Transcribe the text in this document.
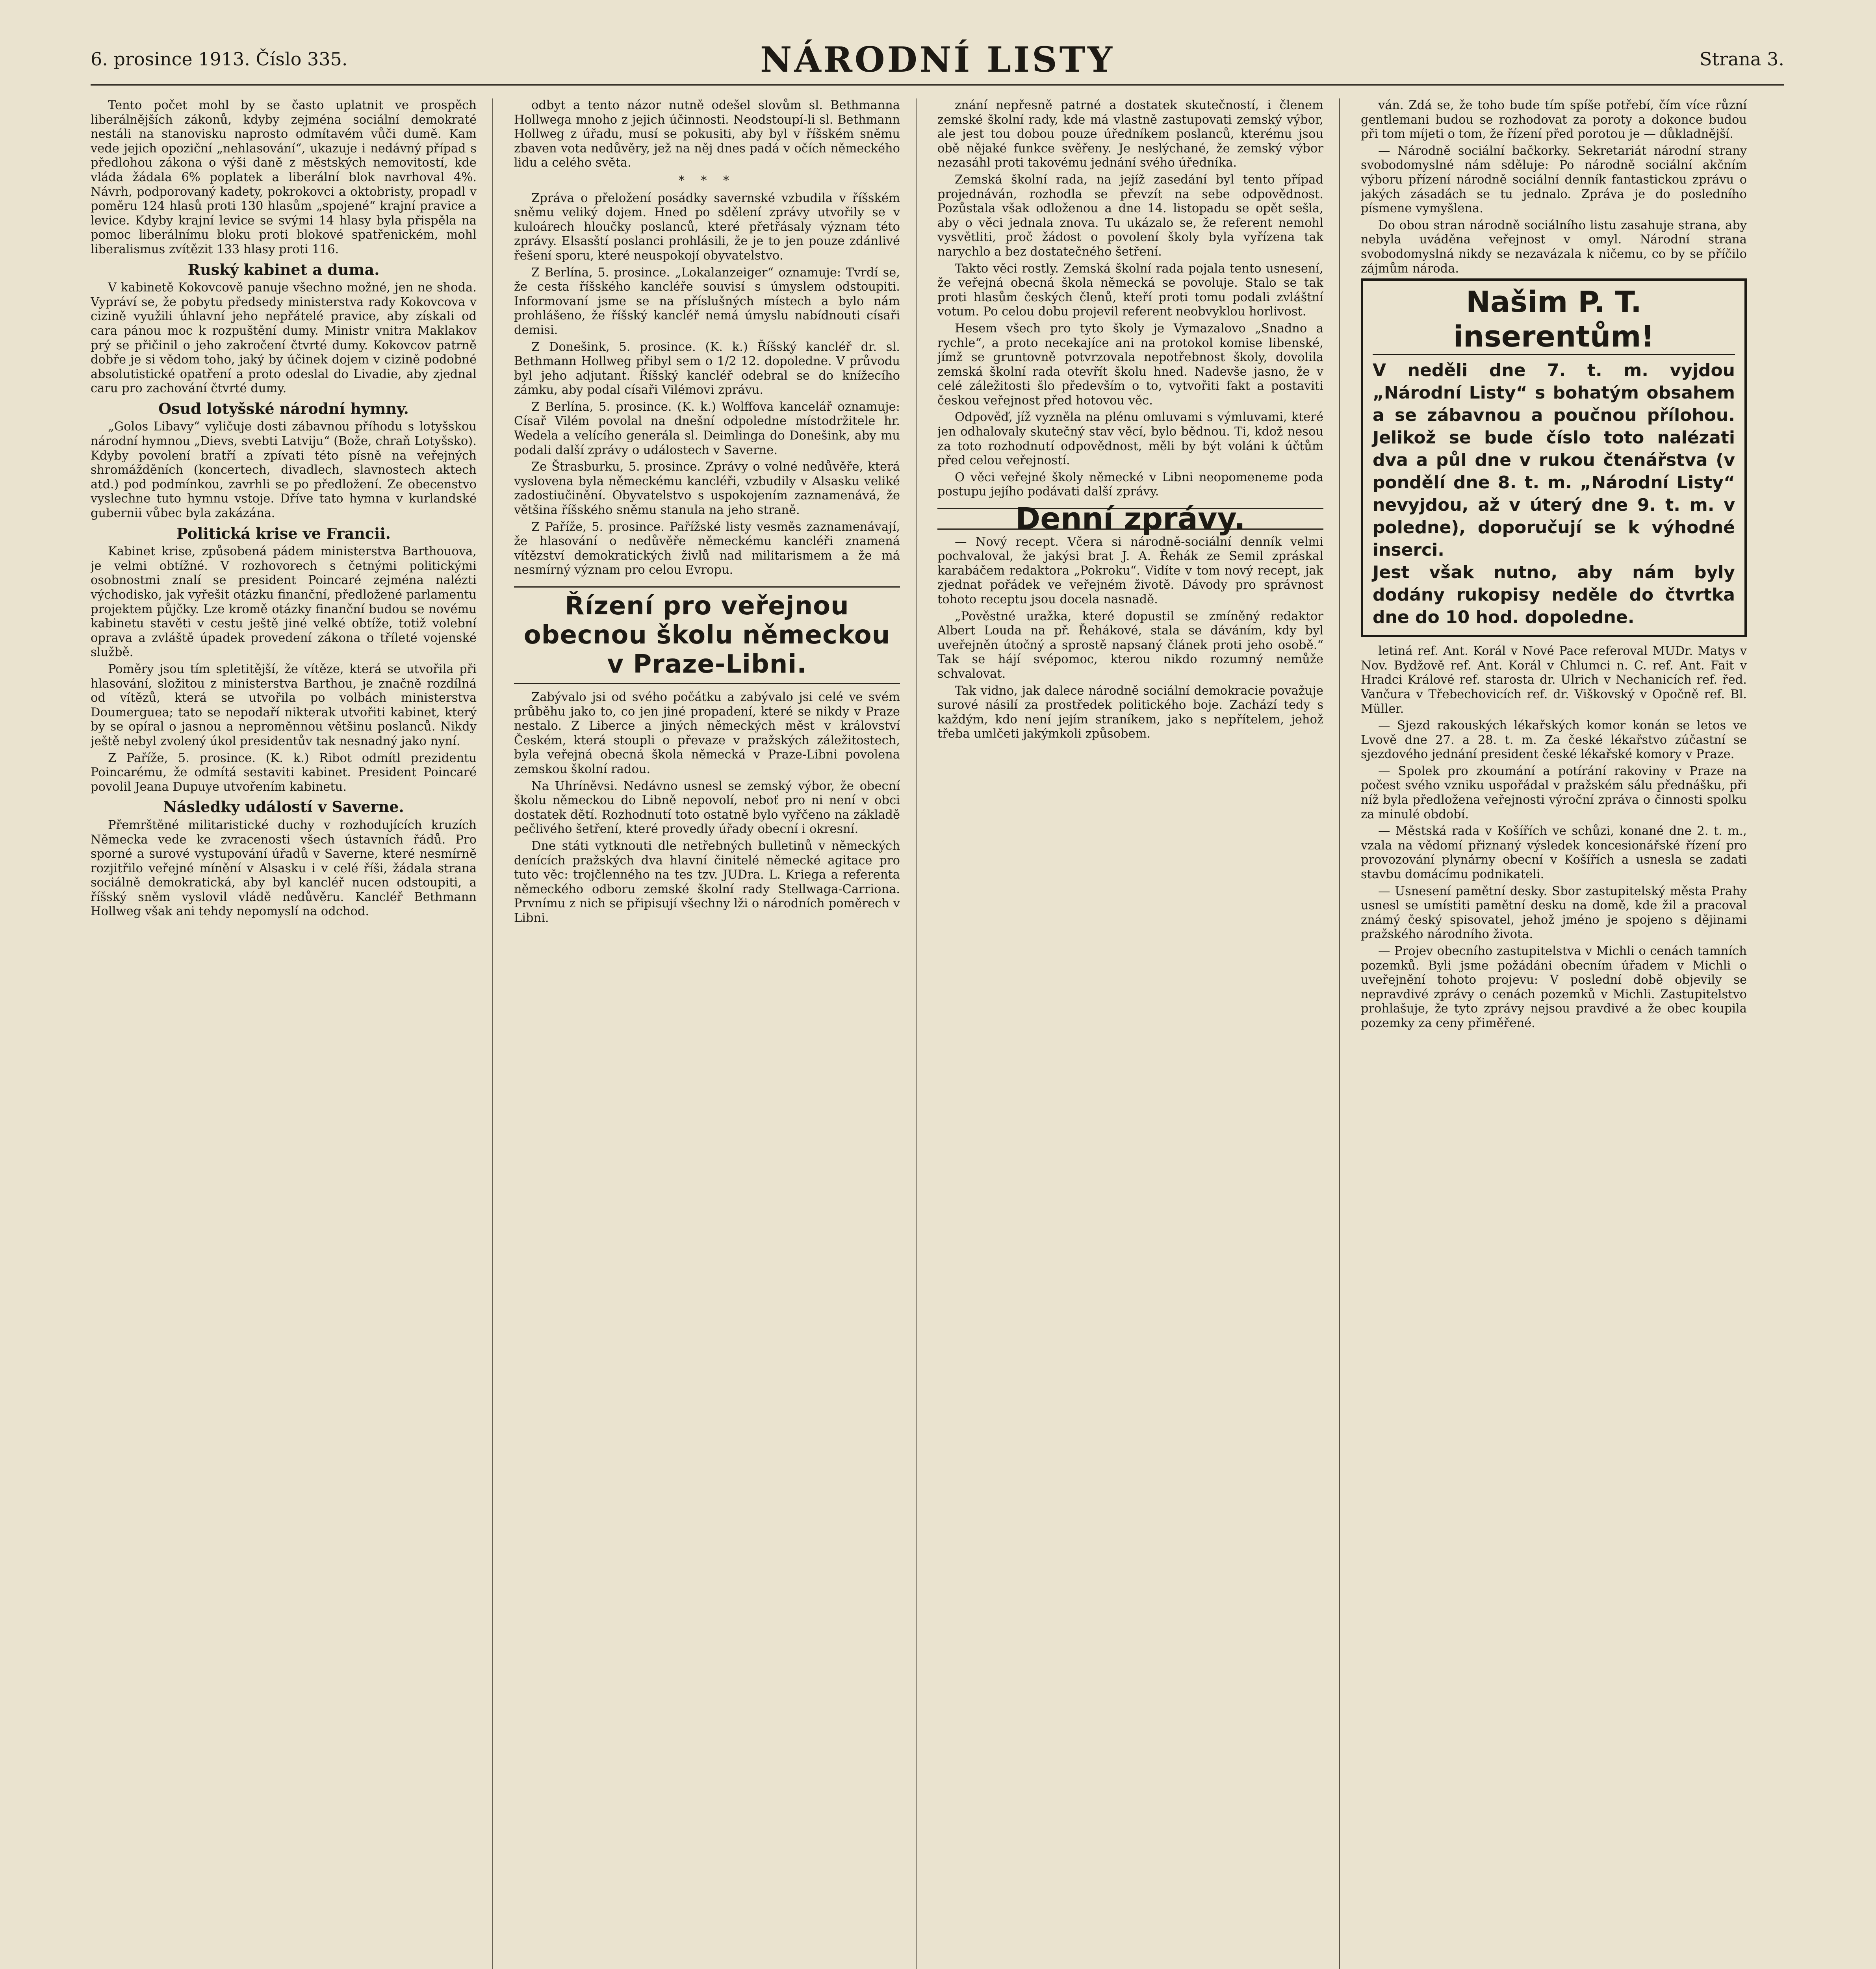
6. prosince 1913. Číslo 335.	NÁRODNÍ LISTY	Strana 3.

Tento počet mohl by se často uplatnit ve prospěch liberálnějších zákonů, kdyby zejména sociální demokraté nestáli na stanovisku naprosto odmítavém vůči dumě. Kam vede jejich opoziční „nehlasování“, ukazuje i nedávný případ s předlohou zákona o výši daně z městských nemovitostí, kde vláda žádala 6% poplatek a liberální blok navrhoval 4%. Návrh, podporovaný kadety, pokrokovci a oktobristy, propadl v poměru 124 hlasů proti 130 hlasům „spojené“ krajní pravice a levice. Kdyby krajní levice se svými 14 hlasy byla přispěla na pomoc liberálnímu bloku proti blokové spatřenickém, mohl liberalismus zvítězit 133 hlasy proti 116.

Ruský kabinet a duma.

V kabinetě Kokovcově panuje všechno možné, jen ne shoda. Vypráví se, že pobytu předsedy ministerstva rady Kokovcova v cizině využili úhlavní jeho nepřátelé pravice, aby získali od cara pánou moc k rozpuštění dumy. Ministr vnitra Maklakov prý se přičinil o jeho zakročení čtvrté dumy. Kokovcov patrně dobře je si vědom toho, jaký by účinek dojem v cizině podobné absolutistické opatření a proto odeslal do Livadie, aby zjednal caru pro zachování čtvrté dumy.

Osud lotyšské národní hymny.

„Golos Libavy“ vyličuje dosti zábavnou příhodu s lotyšskou národní hymnou „Dievs, svebti Latviju“ (Bože, chraň Lotyšsko). Kdyby povolení bratří a zpívati této písně na veřejných shromážděních (koncertech, divadlech, slavnostech aktech atd.) pod podmínkou, zavrhli se po předložení. Ze obecenstvo vyslechne tuto hymnu vstoje. Dříve tato hymna v kurlandské gubernii vůbec byla zakázána.

Politická krise ve Francii.

Kabinet krise, způsobená pádem ministerstva Barthouova, je velmi obtížné. V rozhovorech s četnými politickými osobnostmi znalí se president Poincaré zejména nalézti východisko, jak vyřešit otázku finanční, předložené parlamentu projektem půjčky. Lze kromě otázky finanční budou se novému kabinetu stavěti v cestu ještě jiné velké obtíže, totiž volební oprava a zvláště úpadek provedení zákona o tříleté vojenské službě.

Poměry jsou tím spletitější, že vítěze, která se utvořila při hlasování, složitou z ministerstva Barthou, je značně rozdílná od vítězů, která se utvořila po volbách ministerstva Doumerguea; tato se nepodaří nikterak utvořiti kabinet, který by se opíral o jasnou a neproměnnou většinu poslanců. Nikdy ještě nebyl zvolený úkol presidentův tak nesnadný jako nyní.

Z Paříže, 5. prosince. (K. k.) Ribot odmítl prezidentu Poincarému, že odmítá sestaviti kabinet. President Poincaré povolil Jeana Dupuye utvořením kabinetu.

Následky událostí v Saverne.

Přemrštěné militaristické duchy v rozhodujících kruzích Německa vede ke zvracenosti všech ústavních řádů. Pro sporné a surové vystupování úřadů v Saverne, které nesmírně rozjitřilo veřejné mínění v Alsasku i v celé říši, žádala strana sociálně demokratická, aby byl kancléř nucen odstoupiti, a říšský sněm vyslovil vládě nedůvěru. Kancléř Bethmann Hollweg však ani tehdy nepomyslí na odchod.

odbyt a tento názor nutně odešel slovům sl. Bethmanna Hollwega mnoho z jejich účinnosti. Neodstoupí-li sl. Bethmann Hollweg z úřadu, musí se pokusiti, aby byl v říšském sněmu zbaven vota nedůvěry, jež na něj dnes padá v očích německého lidu a celého světa.

* * *

Zpráva o přeložení posádky savernské vzbudila v říšském sněmu veliký dojem. Hned po sdělení zprávy utvořily se v kuloárech hloučky poslanců, které přetřásaly význam této zprávy. Elsasští poslanci prohlásili, že je to jen pouze zdánlivé řešení sporu, které neuspokojí obyvatelstvo.

Z Berlína, 5. prosince. „Lokalanzeiger“ oznamuje: Tvrdí se, že cesta říšského kancléře souvisí s úmyslem odstoupiti. Informovaní jsme se na příslušných místech a bylo nám prohlášeno, že říšský kancléř nemá úmyslu nabídnouti císaři demisi.

Z Donešink, 5. prosince. (K. k.) Říšský kancléř dr. sl. Bethmann Hollweg přibyl sem o 1/2 12. dopoledne. V průvodu byl jeho adjutant. Říšský kancléř odebral se do knížecího zámku, aby podal císaři Vilémovi zprávu.

Z Berlína, 5. prosince. (K. k.) Wolffova kancelář oznamuje: Císař Vilém povolal na dnešní odpoledne místodržitele hr. Wedela a velícího generála sl. Deimlinga do Donešink, aby mu podali další zprávy o událostech v Saverne.

Ze Štrasburku, 5. prosince. Zprávy o volné nedůvěře, která vyslovena byla německému kancléři, vzbudily v Alsasku veliké zadostiučinění. Obyvatelstvo s uspokojením zaznamenává, že většina říšského sněmu stanula na jeho straně.

Z Paříže, 5. prosince. Pařížské listy vesměs zaznamenávají, že hlasování o nedůvěře německému kancléři znamená vítězství demokratických živlů nad militarismem a že má nesmírný význam pro celou Evropu.

Řízení pro veřejnou obecnou školu německou v Praze-Libni.

Zabývalo jsi od svého počátku a zabývalo jsi celé ve svém průběhu jako to, co jen jiné propadení, které se nikdy v Praze nestalo. Z Liberce a jiných německých měst v království Českém, která stoupli o převaze v pražských záležitostech, byla veřejná obecná škola německá v Praze-Libni povolena zemskou školní radou.

Na Uhríněvsi. Nedávno usnesl se zemský výbor, že obecní školu německou do Libně nepovolí, neboť pro ni není v obci dostatek dětí. Rozhodnutí toto ostatně bylo vyřčeno na základě pečlivého šetření, které provedly úřady obecní i okresní.

Dne státi vytknouti dle netřebných bulletinů v německých denících pražských dva hlavní činitelé německé agitace pro tuto věc: trojčlenného na tes tzv. JUDra. L. Kriega a referenta německého odboru zemské školní rady Stellwaga-Carriona. Prvnímu z nich se připisují všechny lži o národních poměrech v Libni.

znání nepřesně patrné a dostatek skutečností, i členem zemské školní rady, kde má vlastně zastupovati zemský výbor, ale jest tou dobou pouze úředníkem poslanců, kterému jsou obě nějaké funkce svěřeny. Je neslýchané, že zemský výbor nezasáhl proti takovému jednání svého úředníka.

Zemská školní rada, na jejíž zasedání byl tento případ projednáván, rozhodla se převzít na sebe odpovědnost. Pozůstala však odloženou a dne 14. listopadu se opět sešla, aby o věci jednala znova. Tu ukázalo se, že referent nemohl vysvětliti, proč žádost o povolení školy byla vyřízena tak narychlo a bez dostatečného šetření.

Takto věci rostly. Zemská školní rada pojala tento usnesení, že veřejná obecná škola německá se povoluje. Stalo se tak proti hlasům českých členů, kteří proti tomu podali zvláštní votum. Po celou dobu projevil referent neobvyklou horlivost.

Hesem všech pro tyto školy je Vymazalovo „Snadno a rychle“, a proto necekajíce ani na protokol komise libenské, jímž se gruntovně potvrzovala nepotřebnost školy, dovolila zemská školní rada otevřít školu hned. Nadevše jasno, že v celé záležitosti šlo především o to, vytvořiti fakt a postaviti českou veřejnost před hotovou věc.

Odpověď, jíž vyzněla na plénu omluvami s výmluvami, které jen odhalovaly skutečný stav věcí, bylo bědnou. Ti, kdož nesou za toto rozhodnutí odpovědnost, měli by být voláni k účtům před celou veřejností.

O věci veřejné školy německé v Libni neopomeneme poda postupu jejího podávati další zprávy.

Denní zprávy.

— Nový recept. Včera si národně-sociální denník velmi pochvaloval, že jakýsi brat J. A. Řehák ze Semil zpráskal karabáčem redaktora „Pokroku“. Vidíte v tom nový recept, jak zjednat pořádek ve veřejném životě. Dávody pro správnost tohoto receptu jsou docela nasnadě.

„Pověstné uražka, které dopustil se zmíněný redaktor Albert Louda na př. Řehákové, stala se dáváním, kdy byl uveřejněn útočný a sprostě napsaný článek proti jeho osobě.“ Tak se hájí svépomoc, kterou nikdo rozumný nemůže schvalovat.

Tak vidno, jak dalece národně sociální demokracie považuje surové násilí za prostředek politického boje. Zachází tedy s každým, kdo není jejím straníkem, jako s nepřítelem, jehož třeba umlčeti jakýmkoli způsobem.

ván. Zdá se, že toho bude tím spíše potřebí, čím více různí gentlemani budou se rozhodovat za poroty a dokonce budou při tom míjeti o tom, že řízení před porotou je — důkladnější.

— Národně sociální bačkorky. Sekretariát národní strany svobodomyslné nám sděluje: Po národně sociální akčním výboru přízení národně sociální denník fantastickou zprávu o jakých zásadách se tu jednalo. Zpráva je do posledního písmene vymyšlena.

Do obou stran národně sociálního listu zasahuje strana, aby nebyla uváděna veřejnost v omyl. Národní strana svobodomyslná nikdy se nezavázala k ničemu, co by se příčilo zájmům národa.

Našim P. T. inserentům!
V neděli dne 7. t. m. vyjdou „Národní Listy“ s bohatým obsahem a se zábavnou a poučnou přílohou. Jelikož se bude číslo toto nalézati dva a půl dne v rukou čtenářstva (v pondělí dne 8. t. m. „Národní Listy“ nevyjdou, až v úterý dne 9. t. m. v poledne), doporučují se k výhodné inserci.
Jest však nutno, aby nám byly dodány rukopisy neděle do čtvrtka dne do 10 hod. dopoledne.

letiná ref. Ant. Korál v Nové Pace referoval MUDr. Matys v Nov. Bydžově ref. Ant. Korál v Chlumci n. C. ref. Ant. Fait v Hradci Králové ref. starosta dr. Ulrich v Nechanicích ref. řed. Vančura v Třebechovicích ref. dr. Viškovský v Opočně ref. Bl. Müller.

— Sjezd rakouských lékařských komor konán se letos ve Lvově dne 27. a 28. t. m. Za české lékařstvo zúčastní se sjezdového jednání president české lékařské komory v Praze.

— Spolek pro zkoumání a potírání rakoviny v Praze na počest svého vzniku uspořádal v pražském sálu přednášku, při níž byla předložena veřejnosti výroční zpráva o činnosti spolku za minulé období.

— Městská rada v Košířích ve schůzi, konané dne 2. t. m., vzala na vědomí přiznaný výsledek koncesionářské řízení pro provozování plynárny obecní v Košířích a usnesla se zadati stavbu domácímu podnikateli.

— Usnesení pamětní desky. Sbor zastupitelský města Prahy usnesl se umístiti pamětní desku na domě, kde žil a pracoval známý český spisovatel, jehož jméno je spojeno s dějinami pražského národního života.

— Projev obecního zastupitelstva v Michli o cenách tamních pozemků. Byli jsme požádáni obecním úřadem v Michli o uveřejnění tohoto projevu: V poslední době objevily se nepravdivé zprávy o cenách pozemků v Michli. Zastupitelstvo prohlašuje, že tyto zprávy nejsou pravdivé a že obec koupila pozemky za ceny přiměřené.
